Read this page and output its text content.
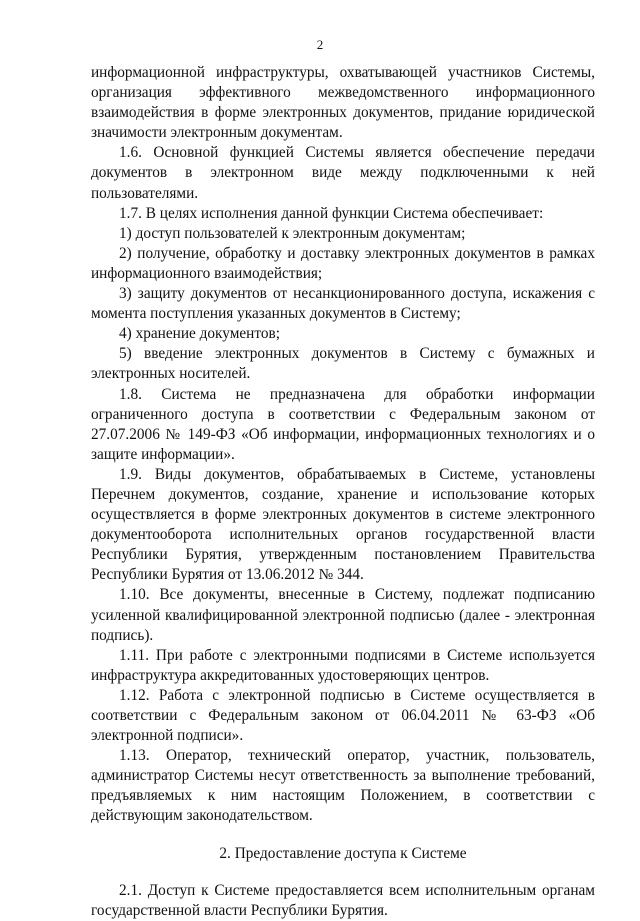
2

информационной инфраструктуры, охватывающей участников Системы, организация эффективного межведомственного информационного взаимодействия в форме электронных документов, придание юридической значимости электронным документам.

1.6. Основной функцией Системы является обеспечение передачи документов в электронном виде между подключенными к ней пользователями.

1.7. В целях исполнения данной функции Система обеспечивает:

1) доступ пользователей к электронным документам;

2) получение, обработку и доставку электронных документов в рамках информационного взаимодействия;

3) защиту документов от несанкционированного доступа, искажения с момента поступления указанных документов в Систему;

4) хранение документов;

5) введение электронных документов в Систему с бумажных и электронных носителей.

1.8. Система не предназначена для обработки информации ограниченного доступа в соответствии с Федеральным законом от 27.07.2006 № 149-ФЗ «Об информации, информационных технологиях и о защите информации».

1.9. Виды документов, обрабатываемых в Системе, установлены Перечнем документов, создание, хранение и использование которых осуществляется в форме электронных документов в системе электронного документооборота исполнительных органов государственной власти Республики Бурятия, утвержденным постановлением Правительства Республики Бурятия от 13.06.2012 № 344.

1.10. Все документы, внесенные в Систему, подлежат подписанию усиленной квалифицированной электронной подписью (далее - электронная подпись).

1.11. При работе с электронными подписями в Системе используется инфраструктура аккредитованных удостоверяющих центров.

1.12. Работа с электронной подписью в Системе осуществляется в соответствии с Федеральным законом от 06.04.2011 № 63-ФЗ «Об электронной подписи».

1.13. Оператор, технический оператор, участник, пользователь, администратор Системы несут ответственность за выполнение требований, предъявляемых к ним настоящим Положением, в соответствии с действующим законодательством.

2. Предоставление доступа к Системе

2.1. Доступ к Системе предоставляется всем исполнительным органам государственной власти Республики Бурятия.
